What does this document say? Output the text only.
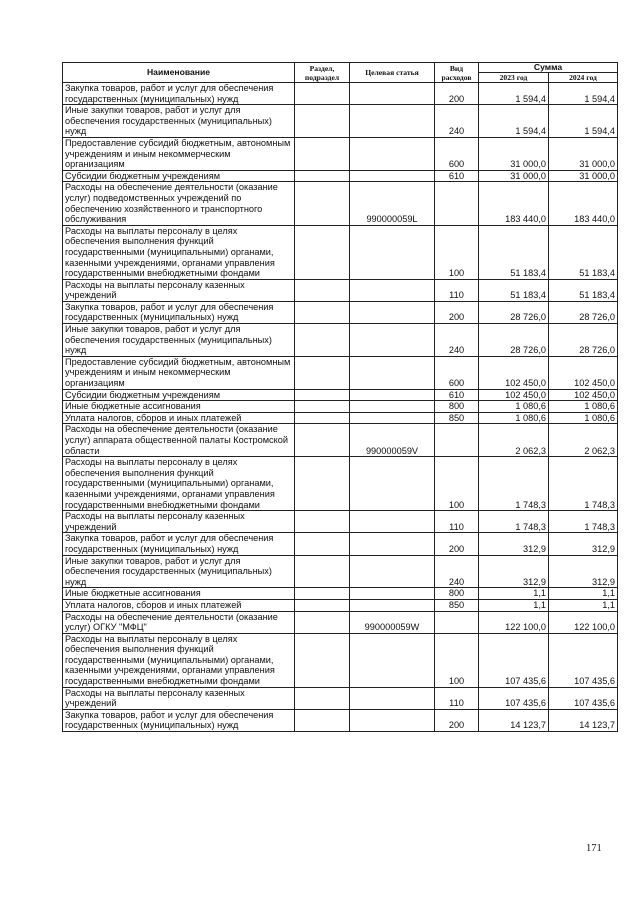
Наименование	Раздел, подраздел	Целевая статья	Вид расходов	Сумма	
				2023 год	2024 год
Закупка товаров, работ и услуг для обеспечения государственных (муниципальных) нужд			200	1 594,4	1 594,4
Иные закупки товаров, работ и услуг для обеспечения государственных (муниципальных) нужд			240	1 594,4	1 594,4
Предоставление субсидий бюджетным, автономным учреждениям и иным некоммерческим организациям			600	31 000,0	31 000,0
Субсидии бюджетным учреждениям			610	31 000,0	31 000,0
Расходы на обеспечение деятельности (оказание услуг) подведомственных учреждений по обеспечению хозяйственного и транспортного обслуживания		990000059L		183 440,0	183 440,0
Расходы на выплаты персоналу в целях обеспечения выполнения функций государственными (муниципальными) органами, казенными учреждениями, органами управления государственными внебюджетными фондами			100	51 183,4	51 183,4
Расходы на выплаты персоналу казенных учреждений			110	51 183,4	51 183,4
Закупка товаров, работ и услуг для обеспечения государственных (муниципальных) нужд			200	28 726,0	28 726,0
Иные закупки товаров, работ и услуг для обеспечения государственных (муниципальных) нужд			240	28 726,0	28 726,0
Предоставление субсидий бюджетным, автономным учреждениям и иным некоммерческим организациям			600	102 450,0	102 450,0
Субсидии бюджетным учреждениям			610	102 450,0	102 450,0
Иные бюджетные ассигнования			800	1 080,6	1 080,6
Уплата налогов, сборов и иных платежей			850	1 080,6	1 080,6
Расходы на обеспечение деятельности (оказание услуг) аппарата общественной палаты Костромской области		990000059V		2 062,3	2 062,3
Расходы на выплаты персоналу в целях обеспечения выполнения функций государственными (муниципальными) органами, казенными учреждениями, органами управления государственными внебюджетными фондами			100	1 748,3	1 748,3
Расходы на выплаты персоналу казенных учреждений			110	1 748,3	1 748,3
Закупка товаров, работ и услуг для обеспечения государственных (муниципальных) нужд			200	312,9	312,9
Иные закупки товаров, работ и услуг для обеспечения государственных (муниципальных) нужд			240	312,9	312,9
Иные бюджетные ассигнования			800	1,1	1,1
Уплата налогов, сборов и иных платежей			850	1,1	1,1
Расходы на обеспечение деятельности (оказание услуг) ОГКУ "МФЦ"		990000059W		122 100,0	122 100,0
Расходы на выплаты персоналу в целях обеспечения выполнения функций государственными (муниципальными) органами, казенными учреждениями, органами управления государственными внебюджетными фондами			100	107 435,6	107 435,6
Расходы на выплаты персоналу казенных учреждений			110	107 435,6	107 435,6
Закупка товаров, работ и услуг для обеспечения государственных (муниципальных) нужд			200	14 123,7	14 123,7
171
